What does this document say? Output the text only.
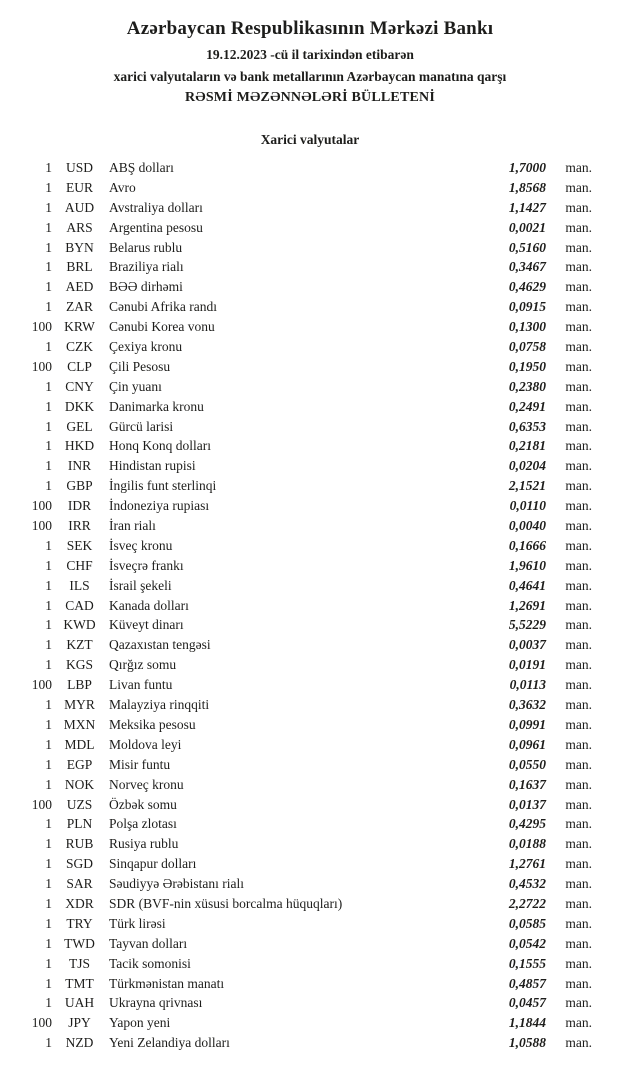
Azərbaycan Respublikasının Mərkəzi Bankı
19.12.2023 -cü il tarixindən etibarən
xarici valyutaların və bank metallarının Azərbaycan manatına qarşı
RƏSMİ MƏZƏNNƏLƏRİ BÜLLETENİ
Xarici valyutalar
1	USD	ABŞ dolları	1,7000	man.
1	EUR	Avro	1,8568	man.
1 AUD	Avstraliya dolları	1,1427	man.
1	ARS	Argentina pesosu	0,0021	man.
1 BYN	Belarus rublu	0,5160	man.
1	BRL	Braziliya rialı	0,3467	man.
1	AED	BƏƏ dirhəmi	0,4629	man.
1	ZAR	Cənubi Afrika randı	0,0915	man.
100 KRW	Cənubi Korea vonu	0,1300	man.
1	CZK	Çexiya kronu	0,0758	man.
100	CLP	Çili Pesosu	0,1950	man.
1 CNY	Çin yuanı	0,2380	man.
1 DKK	Danimarka kronu	0,2491	man.
1	GEL	Gürcü larisi	0,6353	man.
1 HKD	Honq Konq dolları	0,2181	man.
1	INR	Hindistan rupisi	0,0204	man.
1	GBP	İngilis funt sterlinqi	2,1521	man.
100	IDR	İndoneziya rupiası	0,0110	man.
100	IRR	İran rialı	0,0040	man.
1	SEK	İsveç kronu	0,1666	man.
1	CHF	İsveçrə frankı	1,9610	man.
1	ILS	İsrail şekeli	0,4641	man.
1 CAD	Kanada dolları	1,2691	man.
1 KWD Küveyt dinarı	5,5229	man.
1	KZT	Qazaxıstan tengəsi	0,0037	man.
1	KGS	Qırğız somu	0,0191	man.
100	LBP	Livan funtu	0,0113	man.
1 MYR	Malayziya rinqqiti	0,3632	man.
1 MXN	Meksika pesosu	0,0991	man.
1 MDL	Moldova leyi	0,0961	man.
1	EGP	Misir funtu	0,0550	man.
1 NOK	Norveç kronu	0,1637	man.
100	UZS	Özbək somu	0,0137	man.
1	PLN	Polşa zlotası	0,4295	man.
1	RUB	Rusiya rublu	0,0188	man.
1	SGD	Sinqapur dolları	1,2761	man.
1	SAR	Səudiyyə Ərəbistanı rialı	0,4532	man.
1 XDR	SDR (BVF-nin xüsusi borcalma hüquqları)	2,2722	man.
1	TRY	Türk lirəsi	0,0585	man.
1 TWD	Tayvan dolları	0,0542	man.
1	TJS	Tacik somonisi	0,1555	man.
1 TMT	Türkmənistan manatı	0,4857	man.
1 UAH	Ukrayna qrivnası	0,0457	man.
100	JPY	Yapon yeni	1,1844	man.
1	NZD	Yeni Zelandiya dolları	1,0588	man.
